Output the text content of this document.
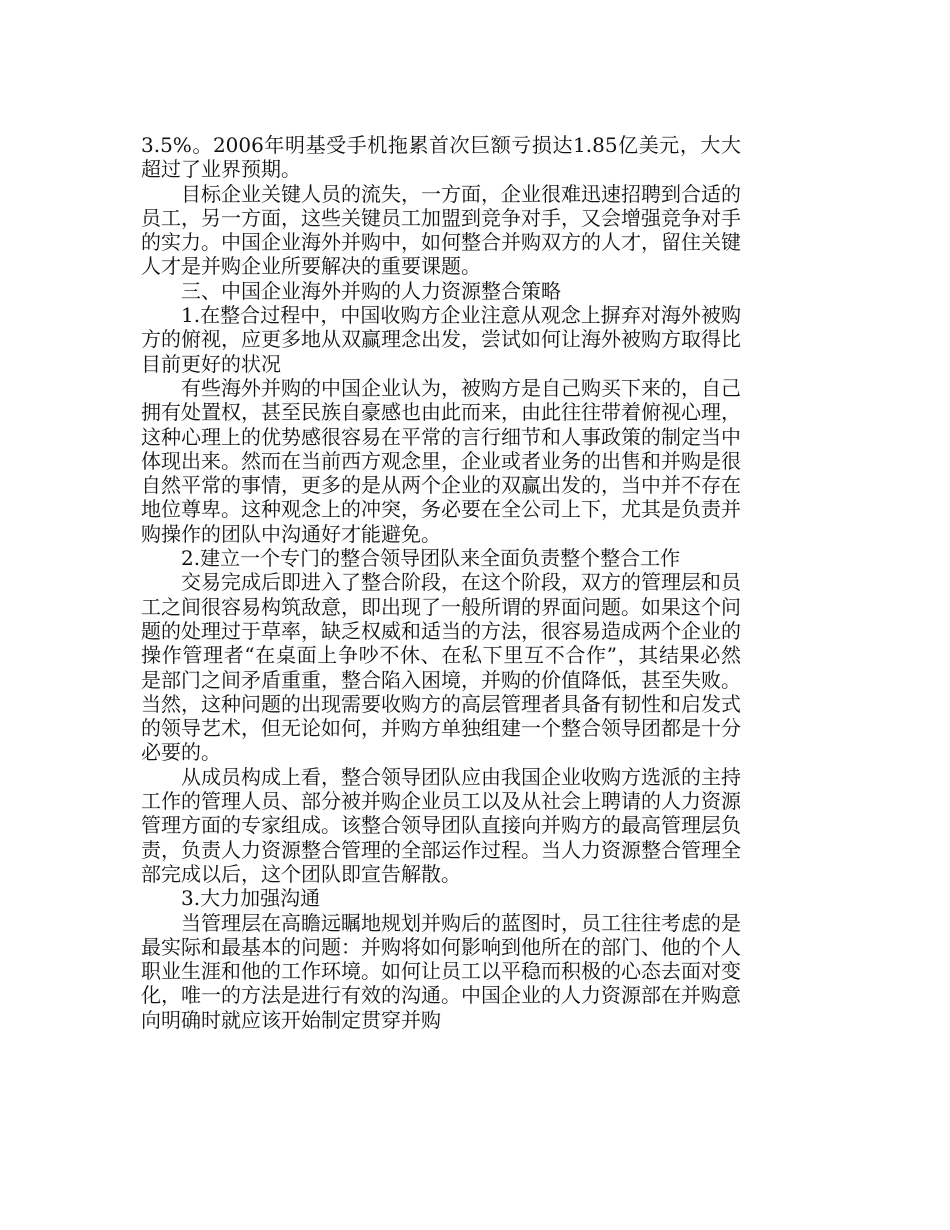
3.5%。2006年明基受手机拖累首次巨额亏损达1.85亿美元，大大超过了业界预期。

目标企业关键人员的流失，一方面，企业很难迅速招聘到合适的员工，另一方面，这些关键员工加盟到竞争对手，又会增强竞争对手的实力。中国企业海外并购中，如何整合并购双方的人才，留住关键人才是并购企业所要解决的重要课题。

三、中国企业海外并购的人力资源整合策略

1.在整合过程中，中国收购方企业注意从观念上摒弃对海外被购方的俯视，应更多地从双赢理念出发，尝试如何让海外被购方取得比目前更好的状况

有些海外并购的中国企业认为，被购方是自己购买下来的，自己拥有处置权，甚至民族自豪感也由此而来，由此往往带着俯视心理，这种心理上的优势感很容易在平常的言行细节和人事政策的制定当中体现出来。然而在当前西方观念里，企业或者业务的出售和并购是很自然平常的事情，更多的是从两个企业的双赢出发的，当中并不存在地位尊卑。这种观念上的冲突，务必要在全公司上下，尤其是负责并购操作的团队中沟通好才能避免。

2.建立一个专门的整合领导团队来全面负责整个整合工作

交易完成后即进入了整合阶段，在这个阶段，双方的管理层和员工之间很容易构筑敌意，即出现了一般所谓的界面问题。如果这个问题的处理过于草率，缺乏权威和适当的方法，很容易造成两个企业的操作管理者“在桌面上争吵不休、在私下里互不合作”，其结果必然是部门之间矛盾重重，整合陷入困境，并购的价值降低，甚至失败。当然，这种问题的出现需要收购方的高层管理者具备有韧性和启发式的领导艺术，但无论如何，并购方单独组建一个整合领导团都是十分必要的。

从成员构成上看，整合领导团队应由我国企业收购方选派的主持工作的管理人员、部分被并购企业员工以及从社会上聘请的人力资源管理方面的专家组成。该整合领导团队直接向并购方的最高管理层负责，负责人力资源整合管理的全部运作过程。当人力资源整合管理全部完成以后，这个团队即宣告解散。

3.大力加强沟通

当管理层在高瞻远瞩地规划并购后的蓝图时，员工往往考虑的是最实际和最基本的问题：并购将如何影响到他所在的部门、他的个人职业生涯和他的工作环境。如何让员工以平稳而积极的心态去面对变化，唯一的方法是进行有效的沟通。中国企业的人力资源部在并购意向明确时就应该开始制定贯穿并购
